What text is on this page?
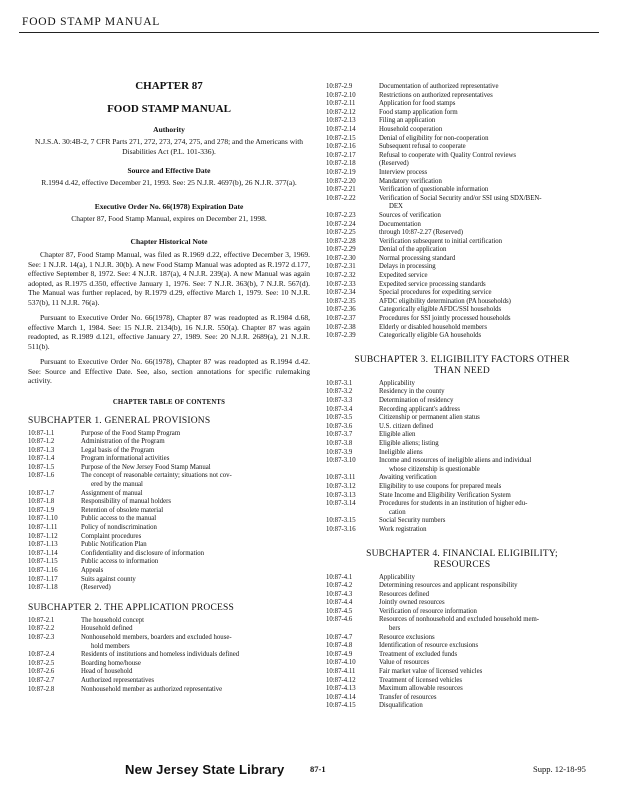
FOOD STAMP MANUAL
CHAPTER 87
FOOD STAMP MANUAL
Authority

N.J.S.A. 30:4B-2, 7 CFR Parts 271, 272, 273, 274, 275, and 278; and the Americans with Disabilities Act (P.L. 101-336).

Source and Effective Date

R.1994 d.42, effective December 21, 1993. See: 25 N.J.R. 4697(b), 26 N.J.R. 377(a).

Executive Order No. 66(1978) Expiration Date

Chapter 87, Food Stamp Manual, expires on December 21, 1998.

Chapter Historical Note

Chapter 87, Food Stamp Manual, was filed as R.1969 d.22, effective December 3, 1969. See: 1 N.J.R. 14(a), 1 N.J.R. 30(b). A new Food Stamp Manual was adopted as R.1972 d.177, effective September 8, 1972. See: 4 N.J.R. 187(a), 4 N.J.R. 239(a). A new Manual was again adopted, as R.1975 d.350, effective January 1, 1976. See: 7 N.J.R. 363(b), 7 N.J.R. 567(d). The Manual was further replaced, by R.1979 d.29, effective March 1, 1979. See: 10 N.J.R. 537(b), 11 N.J.R. 76(a).

Pursuant to Executive Order No. 66(1978), Chapter 87 was readopted as R.1984 d.68, effective March 1, 1984. See: 15 N.J.R. 2134(b), 16 N.J.R. 550(a). Chapter 87 was again readopted, as R.1989 d.121, effective January 27, 1989. See: 20 N.J.R. 2689(a), 21 N.J.R. 511(b).

Pursuant to Executive Order No. 66(1978), Chapter 87 was readopted as R.1994 d.42. See: Source and Effective Date. See, also, section annotations for specific rulemaking activity.

CHAPTER TABLE OF CONTENTS
SUBCHAPTER 1. GENERAL PROVISIONS
10:87-1.1	Purpose of the Food Stamp Program
10:87-1.2	Administration of the Program
10:87-1.3	Legal basis of the Program
10:87-1.4	Program informational activities
10:87-1.5	Purpose of the New Jersey Food Stamp Manual
10:87-1.6	The concept of reasonable certainty; situations not cov-
ered by the manual
10:87-1.7	Assignment of manual
10:87-1.8	Responsibility of manual holders
10:87-1.9	Retention of obsolete material
10:87-1.10	Public access to the manual
10:87-1.11	Policy of nondiscrimination
10:87-1.12	Complaint procedures
10:87-1.13	Public Notification Plan
10:87-1.14	Confidentiality and disclosure of information
10:87-1.15	Public access to information
10:87-1.16	Appeals
10:87-1.17	Suits against county
10:87-1.18	(Reserved)
SUBCHAPTER 2. THE APPLICATION PROCESS
10:87-2.1	The household concept
10:87-2.2	Household defined
10:87-2.3	Nonhousehold members, boarders and excluded house-
hold members
10:87-2.4	Residents of institutions and homeless individuals defined
10:87-2.5	Boarding home/house
10:87-2.6	Head of household
10:87-2.7	Authorized representatives
10:87-2.8	Nonhousehold member as authorized representative
10:87-2.9	Documentation of authorized representative
10:87-2.10	Restrictions on authorized representatives
10:87-2.11	Application for food stamps
10:87-2.12	Food stamp application form
10:87-2.13	Filing an application
10:87-2.14	Household cooperation
10:87-2.15	Denial of eligibility for non-cooperation
10:87-2.16	Subsequent refusal to cooperate
10:87-2.17	Refusal to cooperate with Quality Control reviews
10:87-2.18	(Reserved)
10:87-2.19	Interview process
10:87-2.20	Mandatory verification
10:87-2.21	Verification of questionable information
10:87-2.22	Verification of Social Security and/or SSI using SDX/BEN-
DEX
10:87-2.23	Sources of verification
10:87-2.24	Documentation
10:87-2.25	through 10:87-2.27 (Reserved)
10:87-2.28	Verification subsequent to initial certification
10:87-2.29	Denial of the application
10:87-2.30	Normal processing standard
10:87-2.31	Delays in processing
10:87-2.32	Expedited service
10:87-2.33	Expedited service processing standards
10:87-2.34	Special procedures for expediting service
10:87-2.35	AFDC eligibility determination (PA households)
10:87-2.36	Categorically eligible AFDC/SSI households
10:87-2.37	Procedures for SSI jointly processed households
10:87-2.38	Elderly or disabled household members
10:87-2.39	Categorically eligible GA households
SUBCHAPTER 3. ELIGIBILITY FACTORS OTHER
THAN NEED
10:87-3.1	Applicability
10:87-3.2	Residency in the county
10:87-3.3	Determination of residency
10:87-3.4	Recording applicant's address
10:87-3.5	Citizenship or permanent alien status
10:87-3.6	U.S. citizen defined
10:87-3.7	Eligible alien
10:87-3.8	Eligible aliens; listing
10:87-3.9	Ineligible aliens
10:87-3.10	Income and resources of ineligible aliens and individual
whose citizenship is questionable
10:87-3.11	Awaiting verification
10:87-3.12	Eligibility to use coupons for prepared meals
10:87-3.13	State Income and Eligibility Verification System
10:87-3.14	Procedures for students in an institution of higher edu-
cation
10:87-3.15	Social Security numbers
10:87-3.16	Work registration
SUBCHAPTER 4. FINANCIAL ELIGIBILITY;
RESOURCES
10:87-4.1	Applicability
10:87-4.2	Determining resources and applicant responsibility
10:87-4.3	Resources defined
10:87-4.4	Jointly owned resources
10:87-4.5	Verification of resource information
10:87-4.6	Resources of nonhousehold and excluded household mem-
bers
10:87-4.7	Resource exclusions
10:87-4.8	Identification of resource exclusions
10:87-4.9	Treatment of excluded funds
10:87-4.10	Value of resources
10:87-4.11	Fair market value of licensed vehicles
10:87-4.12	Treatment of licensed vehicles
10:87-4.13	Maximum allowable resources
10:87-4.14	Transfer of resources
10:87-4.15	Disqualification
New Jersey State Library	87-1	Supp. 12-18-95
